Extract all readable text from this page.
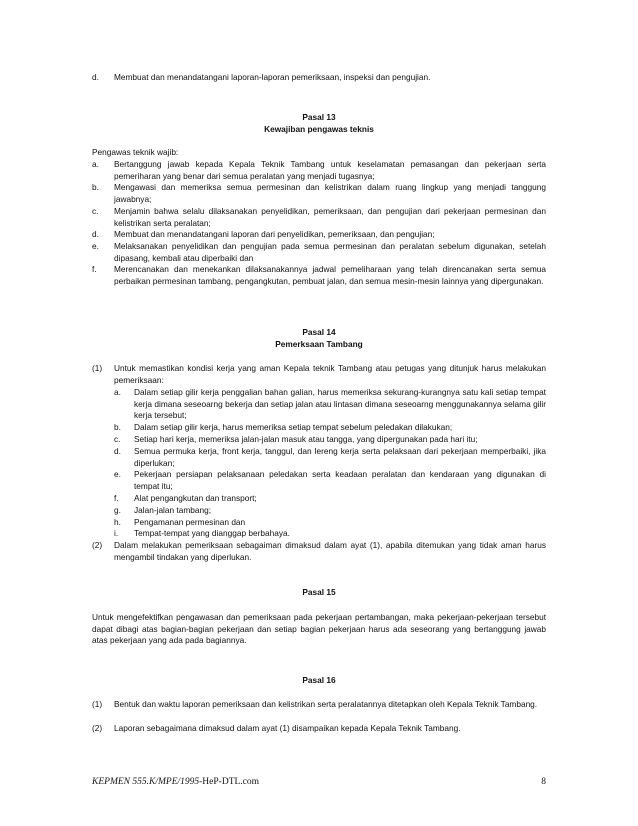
d.	Membuat dan menandatangani laporan-laporan pemeriksaan, inspeksi dan pengujian.
Pasal 13
Kewajiban pengawas teknis
Pengawas teknik wajib:
a.	Bertanggung jawab kepada Kepala Teknik Tambang untuk keselamatan pemasangan dan pekerjaan serta pemeriharan yang benar dari semua peralatan yang menjadi tugasnya;
b.	Mengawasi dan memeriksa semua permesinan dan kelistrikan dalam ruang lingkup yang menjadi tanggung jawabnya;
c.	Menjamin bahwa selalu dilaksanakan penyelidikan, pemeriksaan, dan pengujian dari pekerjaan permesinan dan kelistrikan serta peralatan;
d.	Membuat dan menandatangani laporan dari penyelidikan, pemeriksaan, dan pengujian;
e.	Melaksanakan penyelidikan dan pengujian pada semua permesinan dan peralatan sebelum digunakan, setelah dipasang, kembali atau diperbaiki dan
f.	Merencanakan dan menekankan dilaksanakannya jadwal pemeliharaan yang telah direncanakan serta semua perbaikan permesinan tambang, pengangkutan, pembuat jalan, dan semua mesin-mesin lainnya yang dipergunakan.
Pasal 14
Pemerksaan Tambang
(1)	Untuk memastikan kondisi kerja yang aman Kepala teknik Tambang atau petugas yang ditunjuk harus melakukan pemeriksaan:
a.	Dalam setiap gilir kerja penggalian bahan galian, harus memeriksa sekurang-kurangnya satu kali setiap tempat kerja dimana seseoarng bekerja dan setiap jalan atau lintasan dimana seseoarng menggunakannya selama gilir kerja tersebut;
b.	Dalam setiap gilir kerja, harus memeriksa setiap tempat sebelum peledakan dilakukan;
c.	Setiap hari kerja, memeriksa jalan-jalan masuk atau tangga, yang dipergunakan pada hari itu;
d.	Semua permuka kerja, front kerja, tanggul, dan lereng kerja serta pelaksaan dari pekerjaan memperbaiki, jika diperlukan;
e.	Pekerjaan persiapan pelaksanaan peledakan serta keadaan peralatan dan kendaraan yang digunakan di tempat itu;
f.	Alat pengangkutan dan transport;
g.	Jalan-jalan tambang;
h.	Pengamanan permesinan dan
i.	Tempat-tempat yang dianggap berbahaya.
(2)	Dalam melakukan pemeriksaan sebagaiman dimaksud dalam ayat (1), apabila ditemukan yang tidak aman harus mengambil tindakan yang diperlukan.
Pasal 15
Untuk mengefektifkan pengawasan dan pemeriksaan pada pekerjaan pertambangan, maka pekerjaan-pekerjaan tersebut dapat dibagi atas bagian-bagian pekerjaan dan setiap bagian pekerjaan harus ada seseorang yang bertanggung jawab atas pekerjaan yang ada pada bagiannya.
Pasal 16
(1)	Bentuk dan waktu laporan pemeriksaan dan kelistrikan serta peralatannya ditetapkan oleh Kepala Teknik Tambang.
(2)	Laporan sebagaimana dimaksud dalam ayat (1) disampaikan kepada Kepala Teknik Tambang.
KEPMEN 555.K/MPE/1995-HeP-DTL.com	8
